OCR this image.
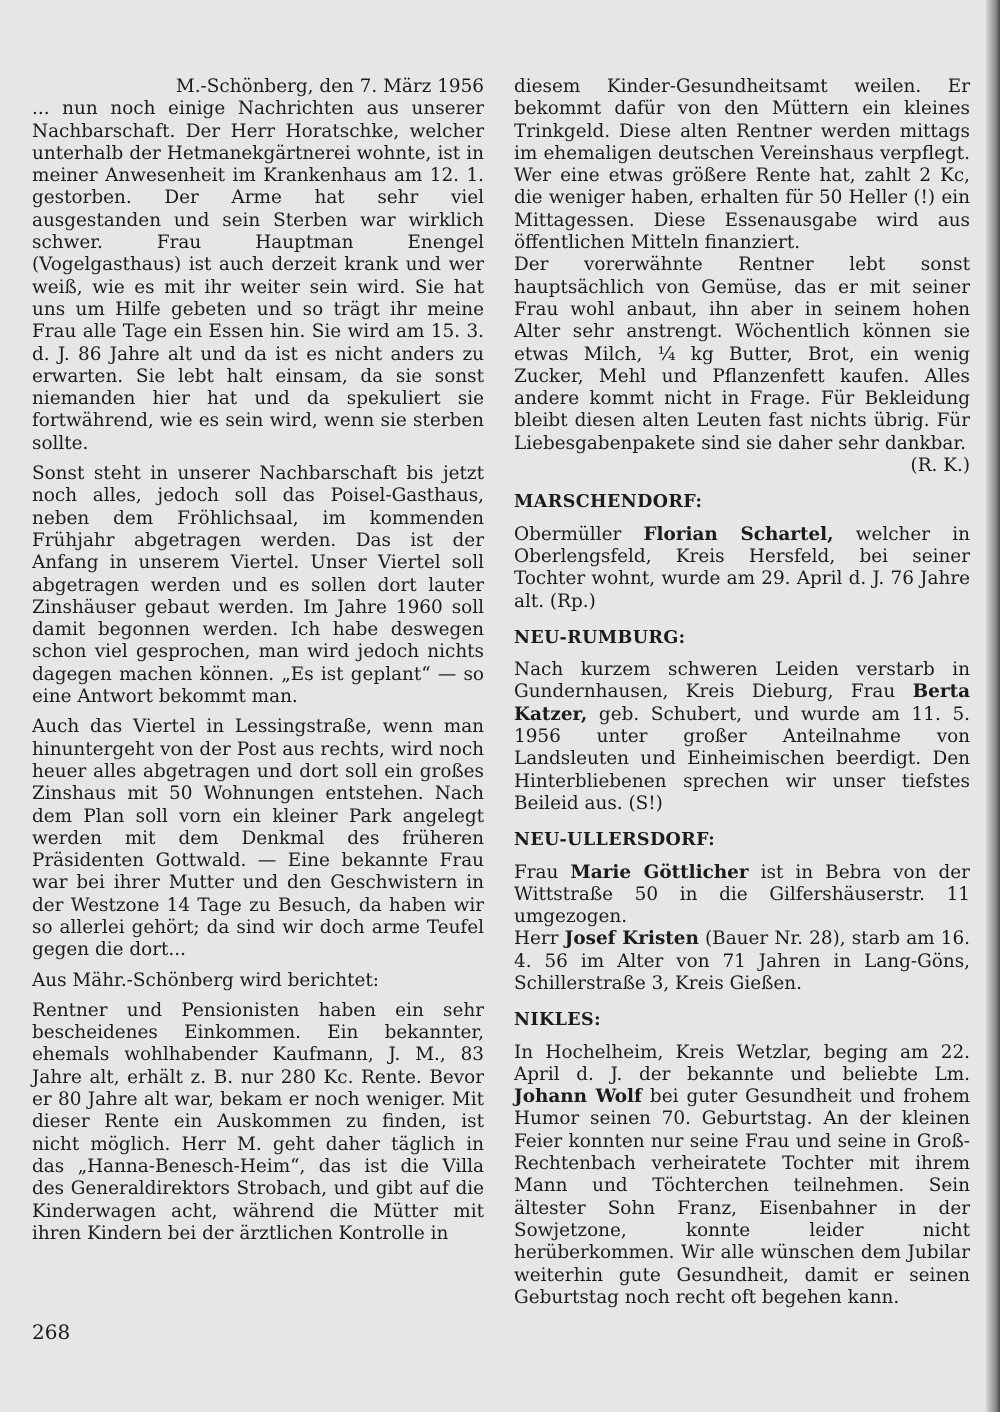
M.-Schönberg, den 7. März 1956

... nun noch einige Nachrichten aus unserer Nachbarschaft. Der Herr Horatschke, welcher unterhalb der Hetmanekgärtnerei wohnte, ist in meiner Anwesenheit im Krankenhaus am 12. 1. gestorben. Der Arme hat sehr viel ausgestanden und sein Sterben war wirklich schwer. Frau Hauptman Enengel (Vogelgasthaus) ist auch derzeit krank und wer weiß, wie es mit ihr weiter sein wird. Sie hat uns um Hilfe gebeten und so trägt ihr meine Frau alle Tage ein Essen hin. Sie wird am 15. 3. d. J. 86 Jahre alt und da ist es nicht anders zu erwarten. Sie lebt halt einsam, da sie sonst niemanden hier hat und da spekuliert sie fortwährend, wie es sein wird, wenn sie sterben sollte.

Sonst steht in unserer Nachbarschaft bis jetzt noch alles, jedoch soll das Poisel-Gasthaus, neben dem Fröhlichsaal, im kommenden Frühjahr abgetragen werden. Das ist der Anfang in unserem Viertel. Unser Viertel soll abgetragen werden und es sollen dort lauter Zinshäuser gebaut werden. Im Jahre 1960 soll damit begonnen werden. Ich habe deswegen schon viel gesprochen, man wird jedoch nichts dagegen machen können. „Es ist geplant“ — so eine Antwort bekommt man.

Auch das Viertel in Lessingstraße, wenn man hinuntergeht von der Post aus rechts, wird noch heuer alles abgetragen und dort soll ein großes Zinshaus mit 50 Wohnungen entstehen. Nach dem Plan soll vorn ein kleiner Park angelegt werden mit dem Denkmal des früheren Präsidenten Gottwald. — Eine bekannte Frau war bei ihrer Mutter und den Geschwistern in der Westzone 14 Tage zu Besuch, da haben wir so allerlei gehört; da sind wir doch arme Teufel gegen die dort...

Aus Mähr.-Schönberg wird berichtet:

Rentner und Pensionisten haben ein sehr bescheidenes Einkommen. Ein bekannter, ehemals wohlhabender Kaufmann, J. M., 83 Jahre alt, erhält z. B. nur 280 Kc. Rente. Bevor er 80 Jahre alt war, bekam er noch weniger. Mit dieser Rente ein Auskommen zu finden, ist nicht möglich. Herr M. geht daher täglich in das „Hanna-Benesch-Heim“, das ist die Villa des Generaldirektors Strobach, und gibt auf die Kinderwagen acht, während die Mütter mit ihren Kindern bei der ärztlichen Kontrolle in

diesem Kinder-Gesundheitsamt weilen. Er bekommt dafür von den Müttern ein kleines Trinkgeld. Diese alten Rentner werden mittags im ehemaligen deutschen Vereinshaus verpflegt. Wer eine etwas größere Rente hat, zahlt 2 Kc, die weniger haben, erhalten für 50 Heller (!) ein Mittagessen. Diese Essenausgabe wird aus öffentlichen Mitteln finanziert.

Der vorerwähnte Rentner lebt sonst hauptsächlich von Gemüse, das er mit seiner Frau wohl anbaut, ihn aber in seinem hohen Alter sehr anstrengt. Wöchentlich können sie etwas Milch, ¼ kg Butter, Brot, ein wenig Zucker, Mehl und Pflanzenfett kaufen. Alles andere kommt nicht in Frage. Für Bekleidung bleibt diesen alten Leuten fast nichts übrig. Für Liebesgabenpakete sind sie daher sehr dankbar.
(R. K.)

MARSCHENDORF:

Obermüller Florian Schartel, welcher in Oberlengsfeld, Kreis Hersfeld, bei seiner Tochter wohnt, wurde am 29. April d. J. 76 Jahre alt. (Rp.)

NEU-RUMBURG:

Nach kurzem schweren Leiden verstarb in Gundernhausen, Kreis Dieburg, Frau Berta Katzer, geb. Schubert, und wurde am 11. 5. 1956 unter großer Anteilnahme von Landsleuten und Einheimischen beerdigt. Den Hinterbliebenen sprechen wir unser tiefstes Beileid aus. (S!)

NEU-ULLERSDORF:

Frau Marie Göttlicher ist in Bebra von der Wittstraße 50 in die Gilfershäuserstr. 11 umgezogen.

Herr Josef Kristen (Bauer Nr. 28), starb am 16. 4. 56 im Alter von 71 Jahren in Lang-Göns, Schillerstraße 3, Kreis Gießen.

NIKLES:

In Hochelheim, Kreis Wetzlar, beging am 22. April d. J. der bekannte und beliebte Lm. Johann Wolf bei guter Gesundheit und frohem Humor seinen 70. Geburtstag. An der kleinen Feier konnten nur seine Frau und seine in Groß-Rechtenbach verheiratete Tochter mit ihrem Mann und Töchterchen teilnehmen. Sein ältester Sohn Franz, Eisenbahner in der Sowjetzone, konnte leider nicht herüberkommen. Wir alle wünschen dem Jubilar weiterhin gute Gesundheit, damit er seinen Geburtstag noch recht oft begehen kann.

268
